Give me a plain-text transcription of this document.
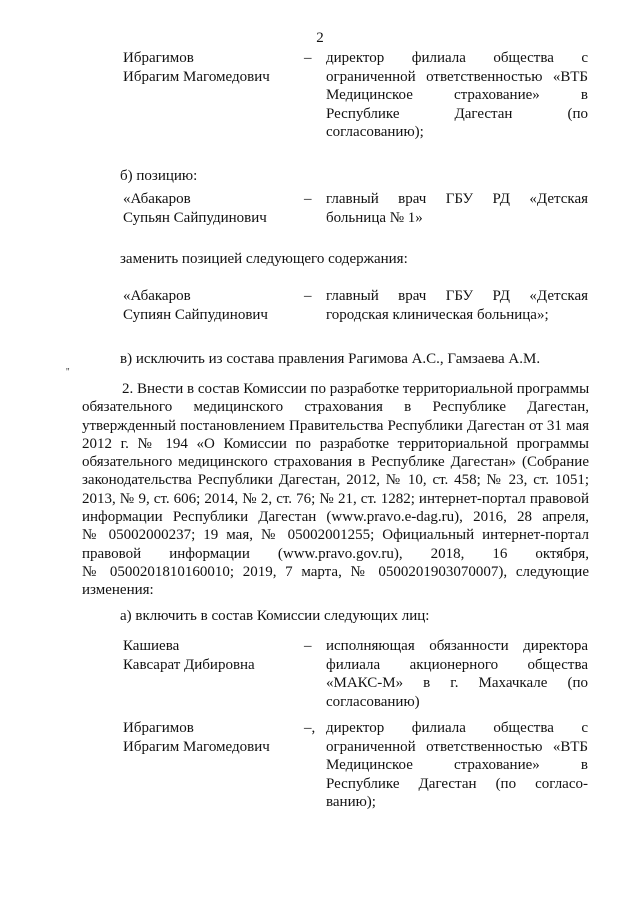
2
Ибрагимов
Ибрагим Магомедович
– директор филиала общества с
ограниченной ответственностью «ВТБ
Медицинское страхование» в
Республике Дагестан (по
согласованию);
б) позицию:
«Абакаров
Супьян Сайпудинович
– главный врач ГБУ РД «Детская
больница № 1»
заменить позицией следующего содержания:
«Абакаров
Супиян Сайпудинович
– главный врач ГБУ РД «Детская
городская клиническая больница»;
в) исключить из состава правления Рагимова А.С., Гамзаева А.М.
''
2. Внести в состав Комиссии по разработке территориальной программы
обязательного медицинского страхования в Республике Дагестан,
утвержденный постановлением Правительства Республики Дагестан от 31 мая
2012 г. № 194 «О Комиссии по разработке территориальной программы
обязательного медицинского страхования в Республике Дагестан» (Собрание
законодательства Республики Дагестан, 2012, № 10, ст. 458; № 23, ст. 1051;
2013, № 9, ст. 606; 2014, № 2, ст. 76; № 21, ст. 1282; интернет-портал правовой
информации Республики Дагестан (www.pravo.e-dag.ru), 2016, 28 апреля,
№ 05002000237; 19 мая, № 05002001255; Официальный интернет-портал
правовой информации (www.pravo.gov.ru), 2018, 16 октября,
№ 0500201810160010; 2019, 7 марта, № 0500201903070007), следующие
изменения:
а) включить в состав Комиссии следующих лиц:
Кашиева
Кавсарат Дибировна
– исполняющая обязанности директора
филиала акционерного общества
«МАКС-М» в г. Махачкале (по
согласованию)
Ибрагимов
Ибрагим Магомедович
–, директор филиала общества с
ограниченной ответственностью «ВТБ
Медицинское страхование» в
Республике Дагестан (по согласо-
ванию);
